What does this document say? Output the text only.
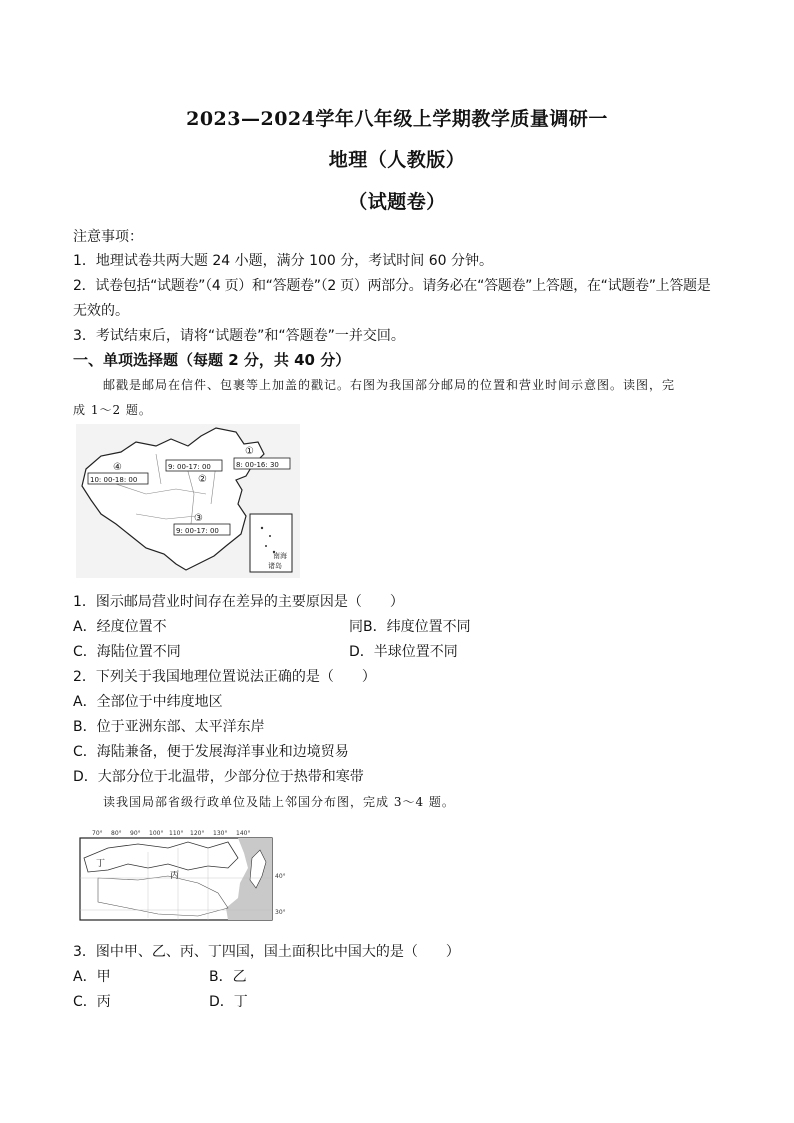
2023—2024学年八年级上学期教学质量调研一
地理（人教版）
（试题卷）
注意事项：
1．地理试卷共两大题 24 小题，满分 100 分，考试时间 60 分钟。
2．试卷包括“试题卷”（4 页）和“答题卷”（2 页）两部分。请务必在“答题卷”上答题，在“试题卷”上答题是
无效的。
3．考试结束后，请将“试题卷”和“答题卷”一并交回。
一、单项选择题（每题 2 分，共 40 分）
邮戳是邮局在信件、包裹等上加盖的戳记。右图为我国部分邮局的位置和营业时间示意图。读图，完
成 1～2 题。
南海
诸岛
①
8: 00-16: 30
9: 00-17: 00
②
④
10: 00-18: 00
③
9: 00-17: 00
1．图示邮局营业时间存在差异的主要原因是（　　）
A．经度位置不	同B．纬度位置不同
C．海陆位置不同	D．半球位置不同
2．下列关于我国地理位置说法正确的是（　　）
A．全部位于中纬度地区
B．位于亚洲东部、太平洋东岸
C．海陆兼备，便于发展海洋事业和边境贸易
D．大部分位于北温带，少部分位于热带和寒带
读我国局部省级行政单位及陆上邻国分布图，完成 3～4 题。
70° 80° 90° 100° 110° 120° 130° 140°
40°
30°
丁
丙
3．图中甲、乙、丙、丁四国，国土面积比中国大的是（　　）
A．甲	B．乙
C．丙	D．丁
